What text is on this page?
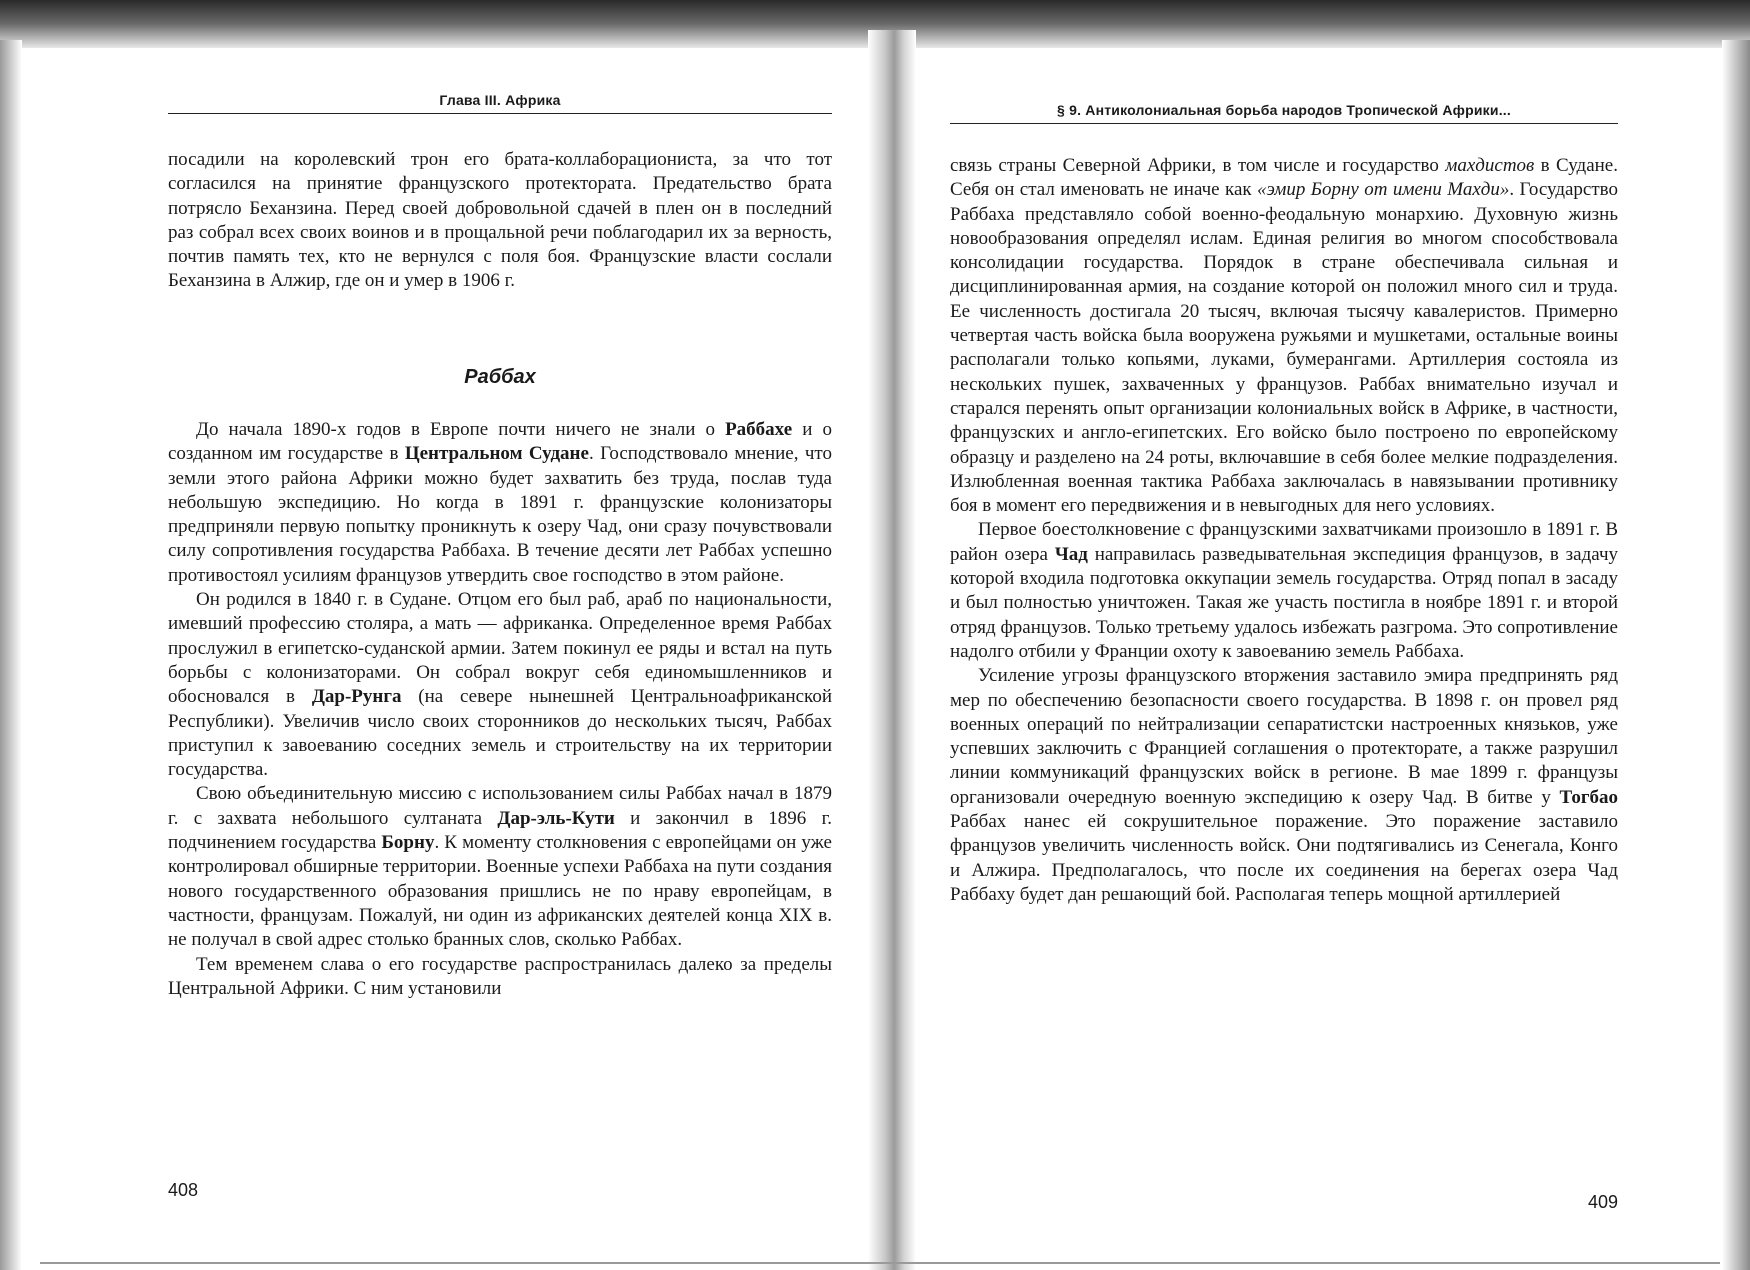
Глава III. Африка

посадили на королевский трон его брата-коллаборациониста, за что тот согласился на принятие французского протектората. Предательство брата потрясло Беханзина. Перед своей добровольной сдачей в плен он в последний раз собрал всех своих воинов и в прощальной речи поблагодарил их за верность, почтив память тех, кто не вернулся с поля боя. Французские власти сослали Беханзина в Алжир, где он и умер в 1906 г.

Раббах

До начала 1890-х годов в Европе почти ничего не знали о Раббахе и о созданном им государстве в Центральном Судане. Господствовало мнение, что земли этого района Африки можно будет захватить без труда, послав туда небольшую экспедицию. Но когда в 1891 г. французские колонизаторы предприняли первую попытку проникнуть к озеру Чад, они сразу почувствовали силу сопротивления государства Раббаха. В течение десяти лет Раббах успешно противостоял усилиям французов утвердить свое господство в этом районе.

Он родился в 1840 г. в Судане. Отцом его был раб, араб по национальности, имевший профессию столяра, а мать — африканка. Определенное время Раббах прослужил в египетско-суданской армии. Затем покинул ее ряды и встал на путь борьбы с колонизаторами. Он собрал вокруг себя единомышленников и обосновался в Дар-Рунга (на севере нынешней Центральноафриканской Республики). Увеличив число своих сторонников до нескольких тысяч, Раббах приступил к завоеванию соседних земель и строительству на их территории государства.

Свою объединительную миссию с использованием силы Раббах начал в 1879 г. с захвата небольшого султаната Дар-эль-Кути и закончил в 1896 г. подчинением государства Борну. К моменту столкновения с европейцами он уже контролировал обширные территории. Военные успехи Раббаха на пути создания нового государственного образования пришлись не по нраву европейцам, в частности, французам. Пожалуй, ни один из африканских деятелей конца XIX в. не получал в свой адрес столько бранных слов, сколько Раббах.

Тем временем слава о его государстве распространилась далеко за пределы Центральной Африки. С ним установили

408
§ 9. Антиколониальная борьба народов Тропической Африки...

связь страны Северной Африки, в том числе и государство махдистов в Судане. Себя он стал именовать не иначе как «эмир Борну от имени Махди». Государство Раббаха представляло собой военно-феодальную монархию. Духовную жизнь новообразования определял ислам. Единая религия во многом способствовала консолидации государства. Порядок в стране обеспечивала сильная и дисциплинированная армия, на создание которой он положил много сил и труда. Ее численность достигала 20 тысяч, включая тысячу кавалеристов. Примерно четвертая часть войска была вооружена ружьями и мушкетами, остальные воины располагали только копьями, луками, бумерангами. Артиллерия состояла из нескольких пушек, захваченных у французов. Раббах внимательно изучал и старался перенять опыт организации колониальных войск в Африке, в частности, французских и англо-египетских. Его войско было построено по европейскому образцу и разделено на 24 роты, включавшие в себя более мелкие подразделения. Излюбленная военная тактика Раббаха заключалась в навязывании противнику боя в момент его передвижения и в невыгодных для него условиях.

Первое боестолкновение с французскими захватчиками произошло в 1891 г. В район озера Чад направилась разведывательная экспедиция французов, в задачу которой входила подготовка оккупации земель государства. Отряд попал в засаду и был полностью уничтожен. Такая же участь постигла в ноябре 1891 г. и второй отряд французов. Только третьему удалось избежать разгрома. Это сопротивление надолго отбили у Франции охоту к завоеванию земель Раббаха.

Усиление угрозы французского вторжения заставило эмира предпринять ряд мер по обеспечению безопасности своего государства. В 1898 г. он провел ряд военных операций по нейтрализации сепаратистски настроенных князьков, уже успевших заключить с Францией соглашения о протекторате, а также разрушил линии коммуникаций французских войск в регионе. В мае 1899 г. французы организовали очередную военную экспедицию к озеру Чад. В битве у Тогбао Раббах нанес ей сокрушительное поражение. Это поражение заставило французов увеличить численность войск. Они подтягивались из Сенегала, Конго и Алжира. Предполагалось, что после их соединения на берегах озера Чад Раббаху будет дан решающий бой. Располагая теперь мощной артиллерией

409
